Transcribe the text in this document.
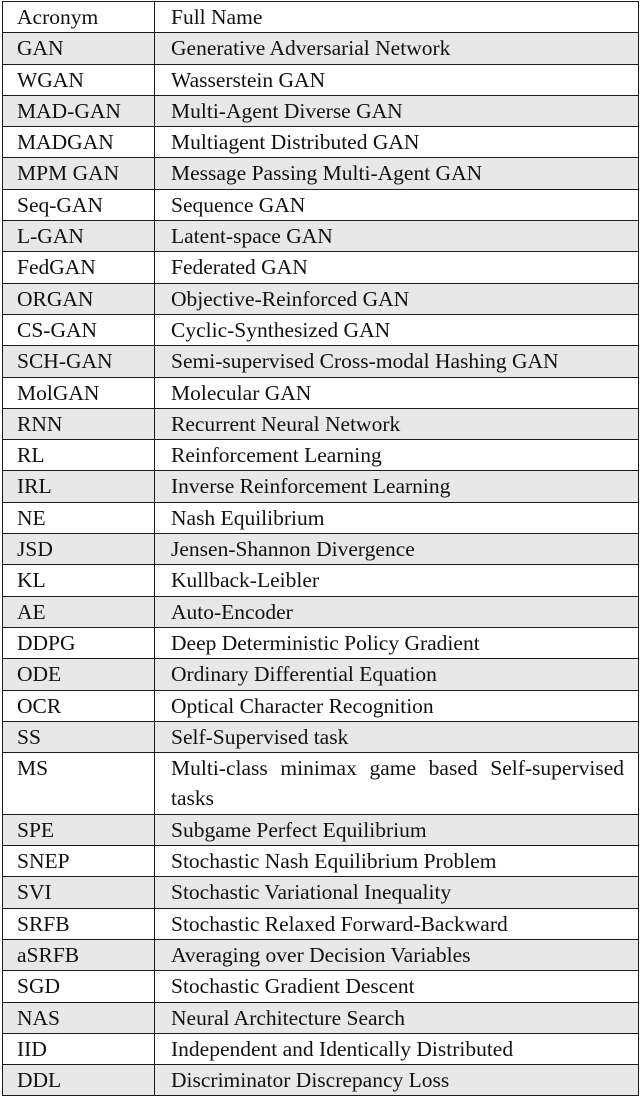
Acronym	Full Name
GAN	Generative Adversarial Network
WGAN	Wasserstein GAN
MAD-GAN	Multi-Agent Diverse GAN
MADGAN	Multiagent Distributed GAN
MPM GAN	Message Passing Multi-Agent GAN
Seq-GAN	Sequence GAN
L-GAN	Latent-space GAN
FedGAN	Federated GAN
ORGAN	Objective-Reinforced GAN
CS-GAN	Cyclic-Synthesized GAN
SCH-GAN	Semi-supervised Cross-modal Hashing GAN
MolGAN	Molecular GAN
RNN	Recurrent Neural Network
RL	Reinforcement Learning
IRL	Inverse Reinforcement Learning
NE	Nash Equilibrium
JSD	Jensen-Shannon Divergence
KL	Kullback-Leibler
AE	Auto-Encoder
DDPG	Deep Deterministic Policy Gradient
ODE	Ordinary Differential Equation
OCR	Optical Character Recognition
SS	Self-Supervised task
MS	Multi-class minimax game based Self-supervised tasks
SPE	Subgame Perfect Equilibrium
SNEP	Stochastic Nash Equilibrium Problem
SVI	Stochastic Variational Inequality
SRFB	Stochastic Relaxed Forward-Backward
aSRFB	Averaging over Decision Variables
SGD	Stochastic Gradient Descent
NAS	Neural Architecture Search
IID	Independent and Identically Distributed
DDL	Discriminator Discrepancy Loss
